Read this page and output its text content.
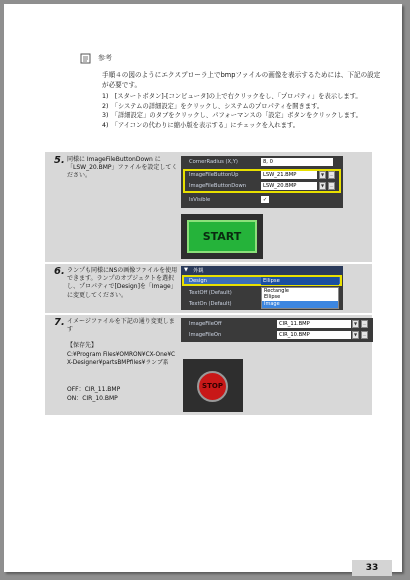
参考
手順４の図のようにエクスプローラ上でbmpファイルの画像を表示するためには、下記の設定が必要です。
1)　[スタートボタン]-[コンピュータ]の上で右クリックをし、「プロパティ」を表示します。
2)　「システムの詳細設定」をクリックし、システムのプロパティを開きます。
3)　「詳細設定」のタブをクリックし、パフォーマンスの「設定」ボタンをクリックします。
4)　「アイコンの代わりに縮小版を表示する」にチェックを入れます。
5. 同様に ImageFileButtonDown に「LSW_20.BMP」ファイルを設定してください。
CornerRadius (X,Y)	8, 0
ImageFileButtonUp	LSW_21.BMP	▼	…
ImageFileButtonDown	LSW_20.BMP	▼	…
IsVisible	✓
START
6. ランプも同様にNSの画像ファイルを使用できます。ランプのオブジェクトを選択し、プロパティで[Design]を「Image」に変更してください。
▼ 外観
Design	Ellipse
TextOff (Default)
TextOn (Default)
Rectangle
Ellipse
Image
7. イメージファイルを下記の通り変更します
【保存先】
C:¥Program Files¥OMRON¥CX-One¥CX-Designer¥partsBMPfiles¥ランプ系
OFF：CIR_11.BMP
ON：CIR_10.BMP
ImageFileOff	CIR_11.BMP	▼	…
ImageFileOn	CIR_10.BMP	▼	…
STOP
33
